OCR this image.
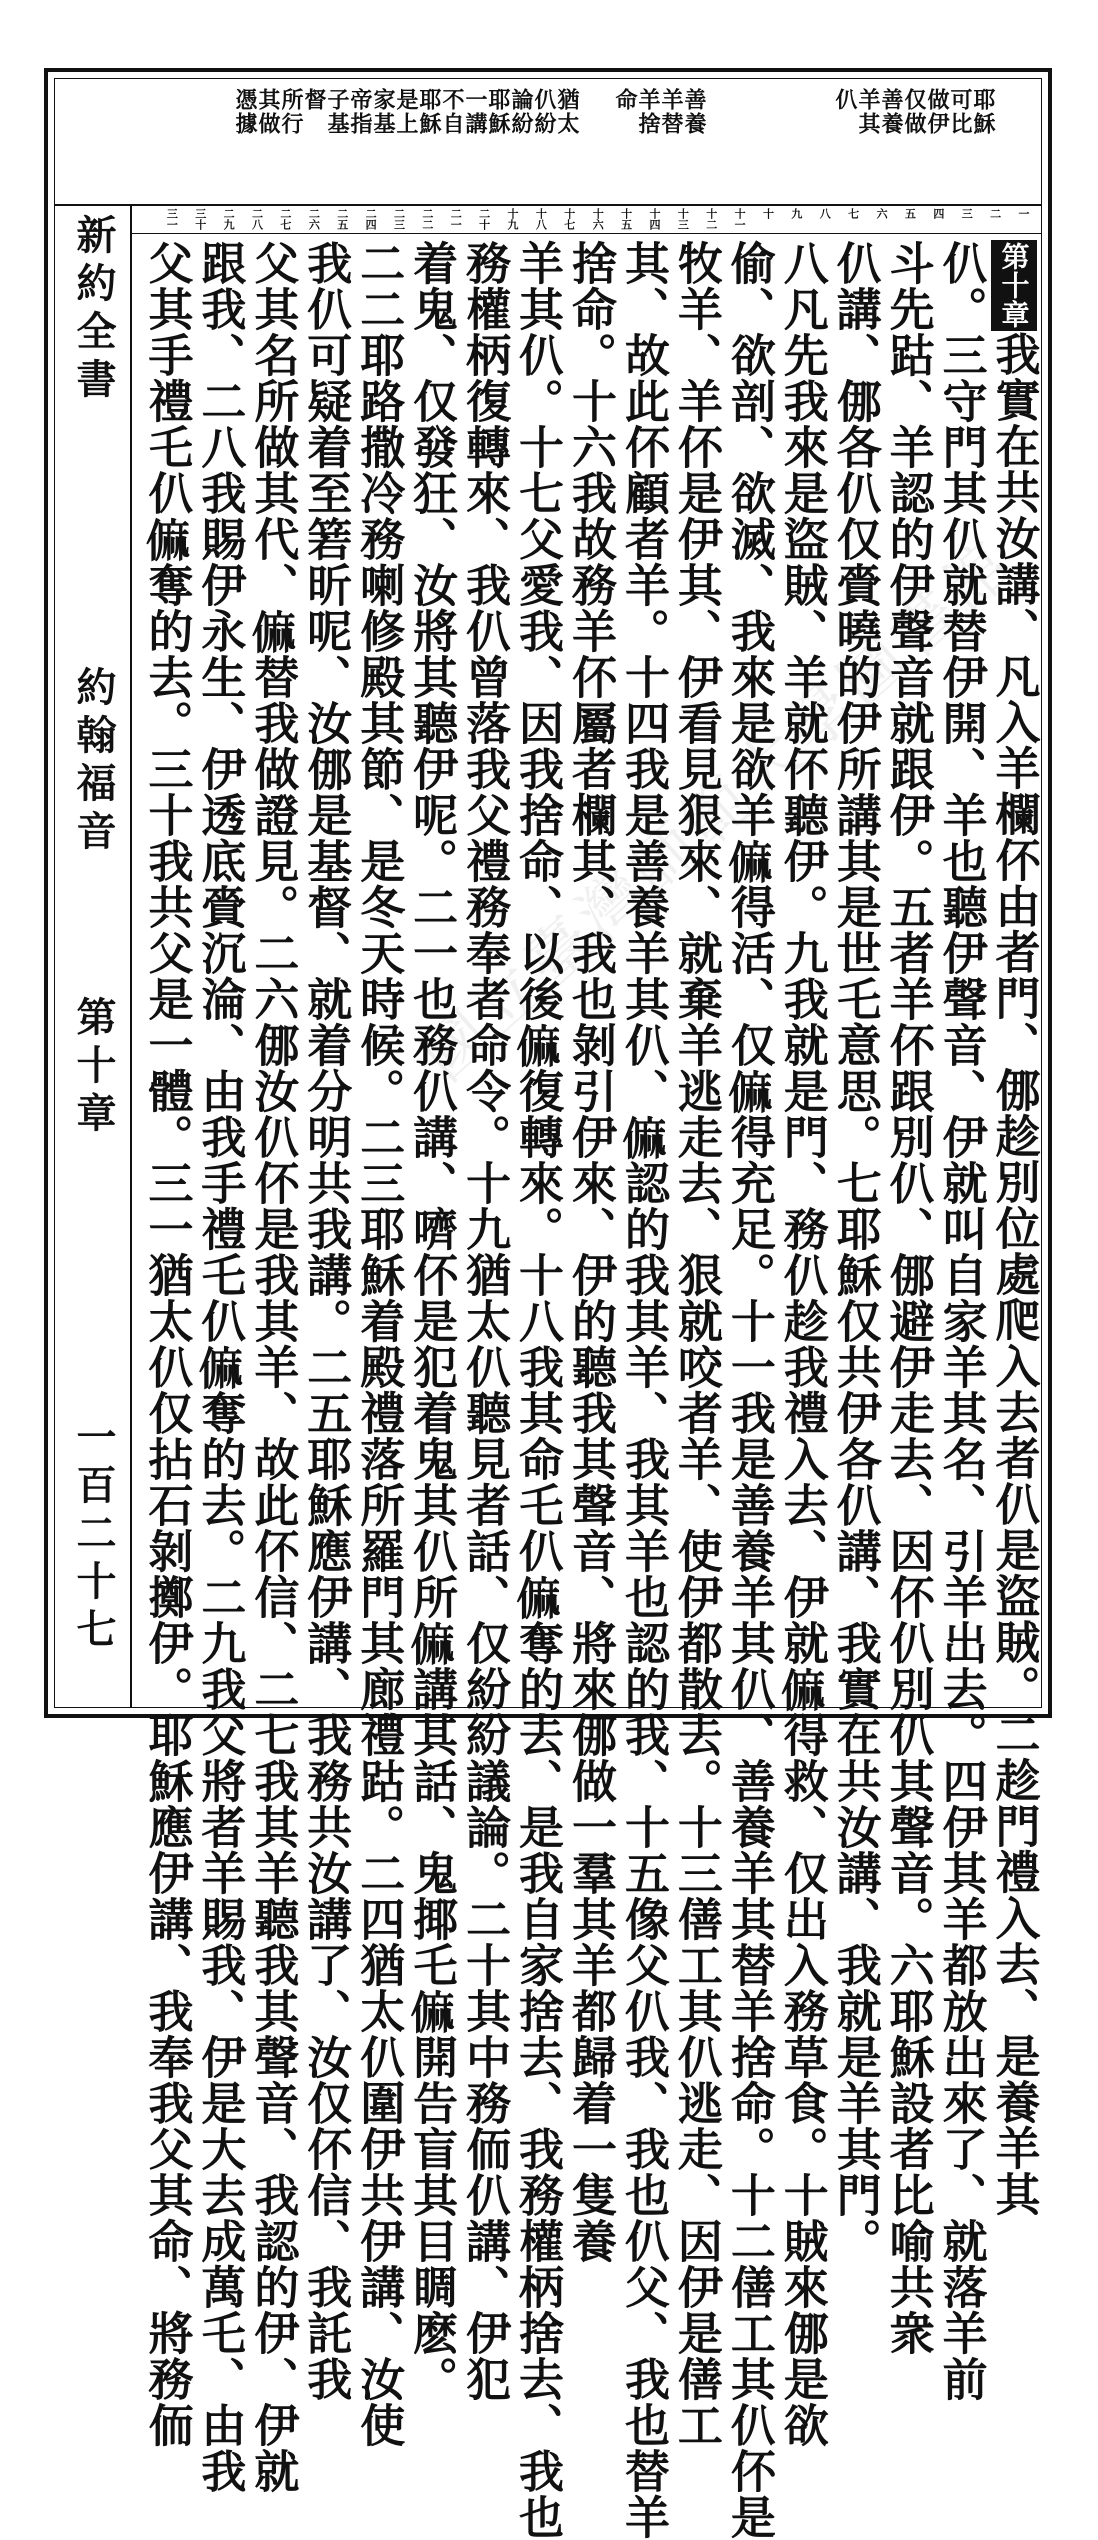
耶穌
可比
做伊
仅做
善養
羊其
仈
善養
羊替
羊捨
命
猶太
仈紛
論紛
耶穌
一講
不自
耶穌
是上
家基
帝指
子基
督
所行
其做
憑據
一
二
三
四
五
六
七
八
九
十
十一
十二
十三
十四
十五
十六
十七
十八
十九
二十
二一
二二
二三
二四
二五
二六
二七
二八
二九
三十
三一
新約全書
約翰福音
第十章
一百二十七
第十章我實在共汝講、凡入羊欄伓由者門、㑚趁別位處爬入去者仈是盜賊。二趁門禮入去、是養羊其
仈。三守門其仈就替伊開、羊也聽伊聲音、伊就叫自家羊其名、引羊出去。四伊其羊都放出來了、就落羊前
斗先跍、羊認的伊聲音就跟伊。五者羊伓跟別仈、㑚避伊走去、因伓仈別仈其聲音。六耶穌設者比喻共衆
仈講、㑚各仈仅賫曉的伊所講其是世乇意思。七耶穌仅共伊各仈講、我實在共汝講、我就是羊其門。
八凡先我來是盜賊、羊就伓聽伊。九我就是門、務仈趁我禮入去、伊就𠍨得救、仅出入務草食。十賊來㑚是欲
偷、欲剖、欲滅、我來是欲羊𠍨得活、仅𠍨得充足。十一我是善養羊其仈、善養羊其替羊捨命。十二僐工其仈伓是
牧羊、羊伓是伊其、伊看見狠來、就棄羊逃走去、狠就咬者羊、使伊都散去。十三僐工其仈逃走、因伊是僐工
其、故此伓顧者羊。十四我是善養羊其仈、𠍨認的我其羊、我其羊也認的我、十五像父仈我、我也仈父、我也替羊
捨命。十六我故務羊伓屬者欄其、我也剝引伊來、伊的聽我其聲音、將來㑚做一羣其羊都歸着一隻養
羊其仈。十七父愛我、因我捨命、以後𠍨復轉來。十八我其命乇仈𠍨奪的去、是我自家捨去、我務權柄捨去、我也
務權柄復轉來、我仈曾落我父禮務奉者命令。十九猶太仈聽見者話、仅紛紛議論。二十其中務侕仈講、伊犯
着鬼、仅發狂、汝將其聽伊呢。二一也務仈講、嚌伓是犯着鬼其仈所𠍨講其話、鬼揶乇𠍨開告盲其目睭麽。
二二耶路撒冷務喇修殿其節、是冬天時候。二三耶穌着殿禮落所羅門其廊禮跍。二四猶太仈圍伊共伊講、汝使
我仈可疑着至箬昕呢、汝㑚是基督、就着分明共我講。二五耶穌應伊講、我務共汝講了、汝仅伓信、我託我
父其名所做其代、𠍨替我做證見。二六㑚汝仈伓是我其羊、故此伓信、二七我其羊聽我其聲音、我認的伊、伊就
跟我、二八我賜伊永生、伊透底賫沉淪、由我手禮乇仈𠍨奪的去。二九我父將者羊賜我、伊是大去成萬乇、由我
父其手禮乇仈𠍨奪的去。三十我共父是一體。三一猶太仈仅拈石剝擲伊。耶穌應伊講、我奉我父其命、將務侕	國立臺灣師範大學圖書館
